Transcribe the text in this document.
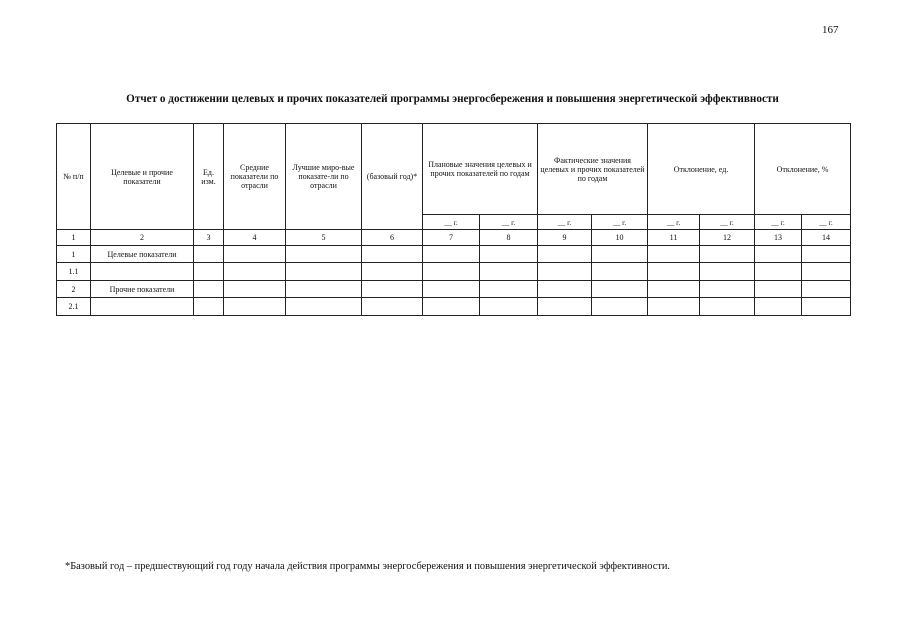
167
Отчет о достижении целевых и прочих показателей программы энергосбережения и повышения энергетической эффективности
№ п/п	Целевые и прочие показатели	Ед. изм.	Средние показатели по отрасли	Лучшие миро-вые показате-ли по отрасли	(базовый год)*	Плановые значения целевых и прочих показателей по годам		Фактические значения целевых и прочих показателей по годам		Отклонение, ед.		Отклонение, %	
						__ г.	__ г.	__ г.	__ г.	__ г.	__ г.	__ г.	__ г.
1	2	3	4	5	6	7	8	9	10	11	12	13	14
1	Целевые показатели												
1.1													
2	Прочие показатели												
2.1													
*Базовый год – предшествующий год году начала действия программы энергосбережения и повышения энергетической эффективности.
